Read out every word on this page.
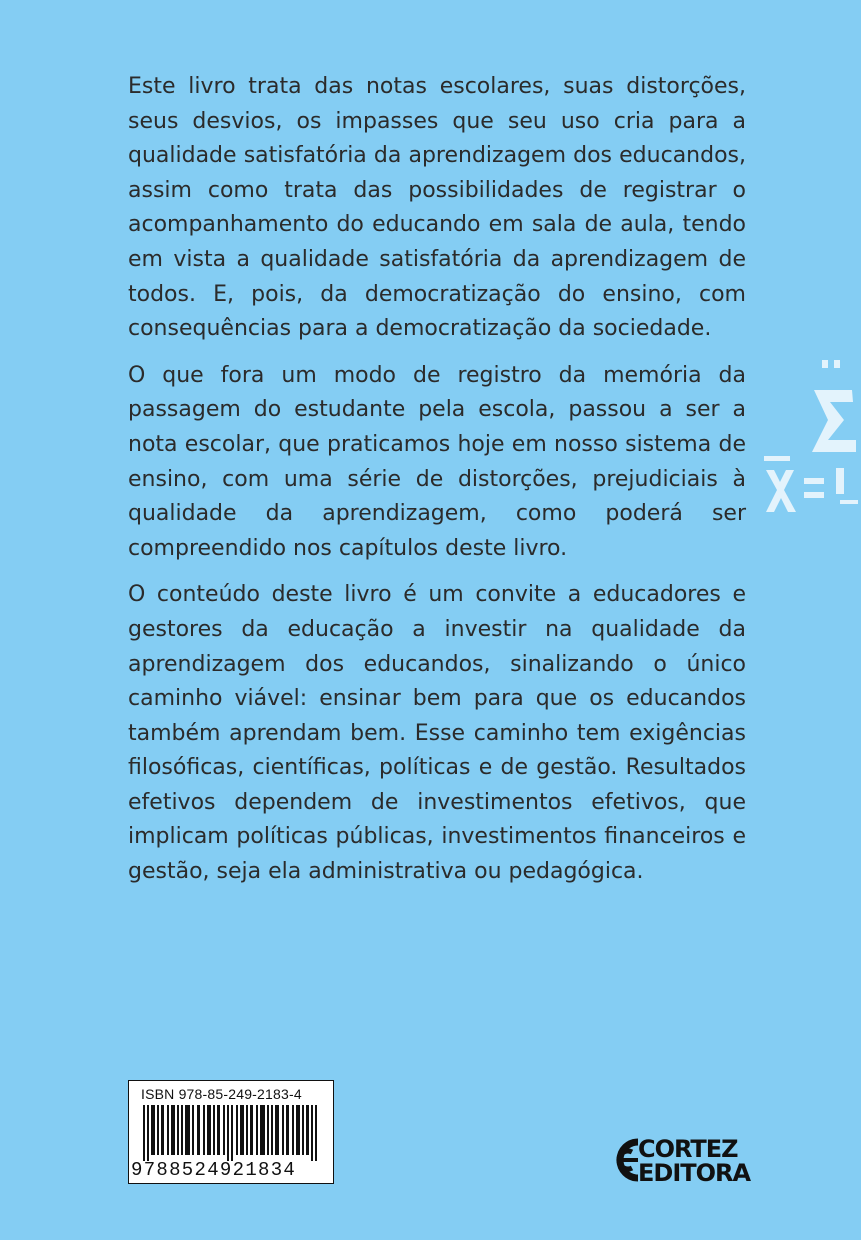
Este livro trata das notas escolares, suas distorções, seus desvios, os impasses que seu uso cria para a qualidade satisfatória da aprendizagem dos educandos, assim como trata das possibilidades de registrar o acompanhamento do educando em sala de aula, tendo em vista a qualidade satisfatória da aprendizagem de todos. E, pois, da democratização do ensino, com consequências para a democratização da sociedade.

O que fora um modo de registro da memória da passagem do estudante pela escola, passou a ser a nota escolar, que praticamos hoje em nosso sistema de ensino, com uma série de distorções, prejudiciais à qualidade da aprendizagem, como poderá ser compreendido nos capítulos deste livro.

O conteúdo deste livro é um convite a educadores e gestores da educação a investir na qualidade da aprendizagem dos educandos, sinalizando o único caminho viável: ensinar bem para que os educandos também aprendam bem. Esse caminho tem exigências filosóficas, científicas, políticas e de gestão. Resultados efetivos dependem de investimentos efetivos, que implicam políticas públicas, investimentos financeiros e gestão, seja ela administrativa ou pedagógica.

ISBN 978-85-249-2183-4
9788524921834
CORTEZ
EDITORA
